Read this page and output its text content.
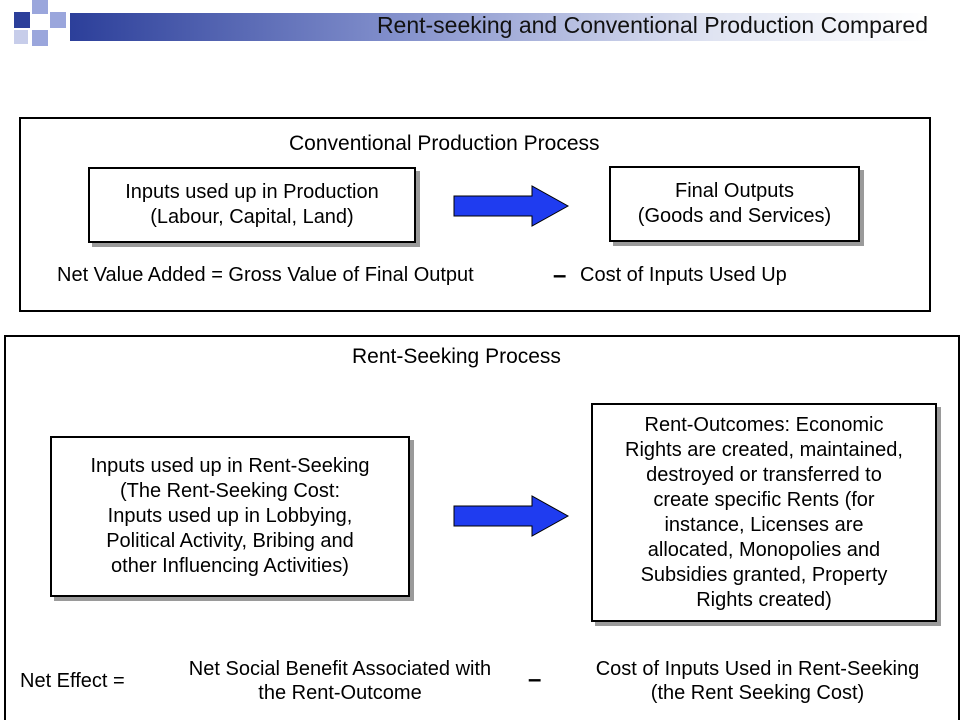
Rent-seeking and Conventional Production Compared
Conventional Production Process
Inputs used up in Production
(Labour, Capital, Land)
Final Outputs
(Goods and Services)
Net Value Added = Gross Value of Final Output	– Cost of Inputs Used Up
Rent-Seeking Process
Inputs used up in Rent-Seeking
(The Rent-Seeking Cost:
Inputs used up in Lobbying,
Political Activity, Bribing and
other Influencing Activities)
Rent-Outcomes: Economic
Rights are created, maintained,
destroyed or transferred to
create specific Rents (for
instance, Licenses are
allocated, Monopolies and
Subsidies granted, Property
Rights created)
Net Effect =
Net Social Benefit Associated with
the Rent-Outcome	–	Cost of Inputs Used in Rent-Seeking
(the Rent Seeking Cost)
